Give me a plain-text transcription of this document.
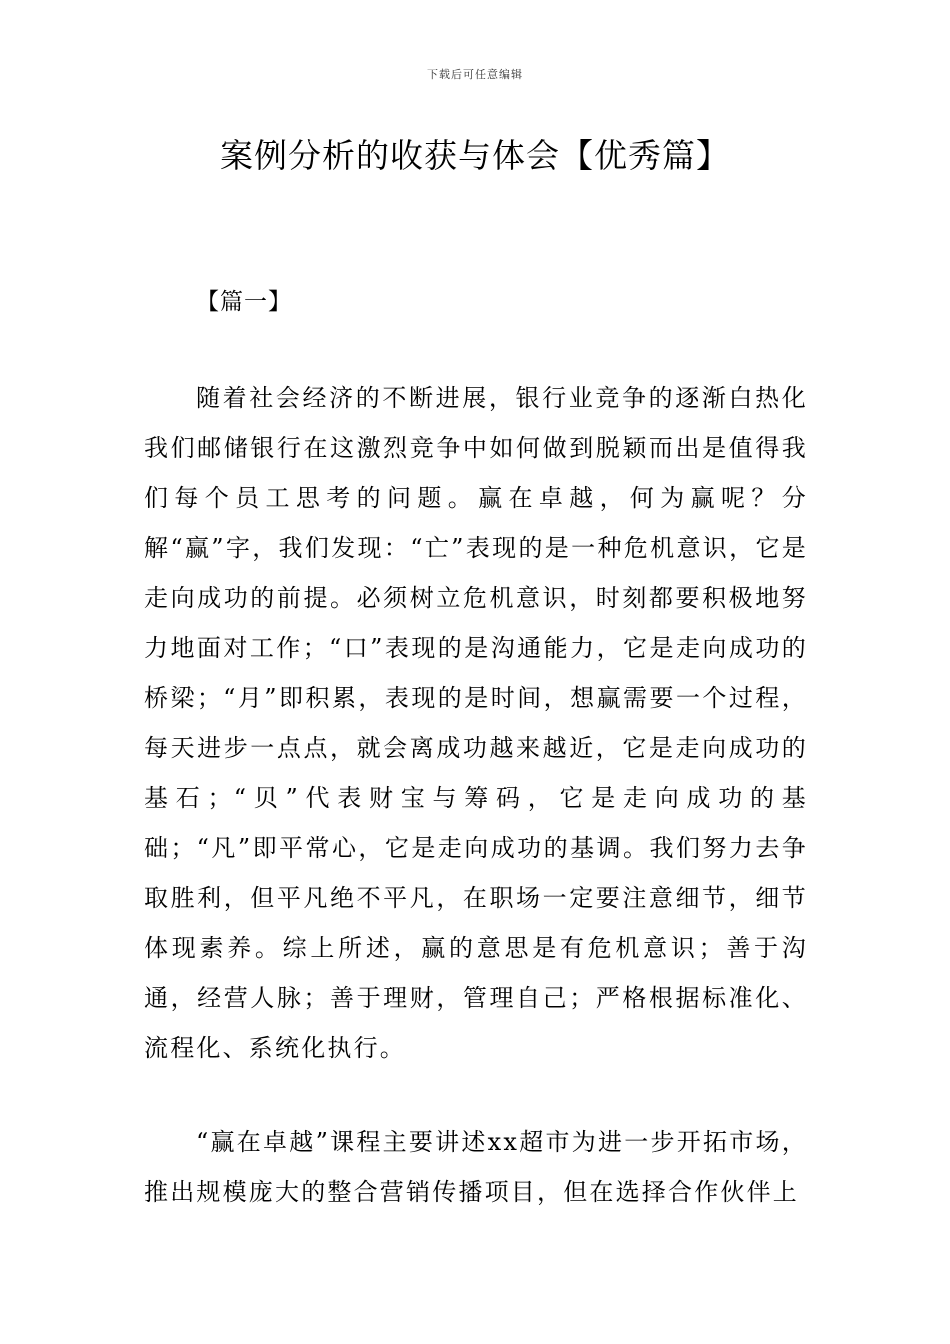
下载后可任意编辑
案例分析的收获与体会【优秀篇】
【篇一】

随着社会经济的不断进展，银行业竞争的逐渐白热化我们邮储银行在这激烈竞争中如何做到脱颖而出是值得我们每个员工思考的问题。赢在卓越，何为赢呢？分解“赢”字，我们发现：“亡”表现的是一种危机意识，它是走向成功的前提。必须树立危机意识，时刻都要积极地努力地面对工作；“口”表现的是沟通能力，它是走向成功的桥梁；“月”即积累，表现的是时间，想赢需要一个过程，每天进步一点点，就会离成功越来越近，它是走向成功的基石；“贝”代表财宝与筹码，它是走向成功的基础；“凡”即平常心，它是走向成功的基调。我们努力去争取胜利，但平凡绝不平凡，在职场一定要注意细节，细节体现素养。综上所述，赢的意思是有危机意识；善于沟通，经营人脉；善于理财，管理自己；严格根据标准化、流程化、系统化执行。

“赢在卓越”课程主要讲述xx超市为进一步开拓市场，推出规模庞大的整合营销传播项目，但在选择合作伙伴上
